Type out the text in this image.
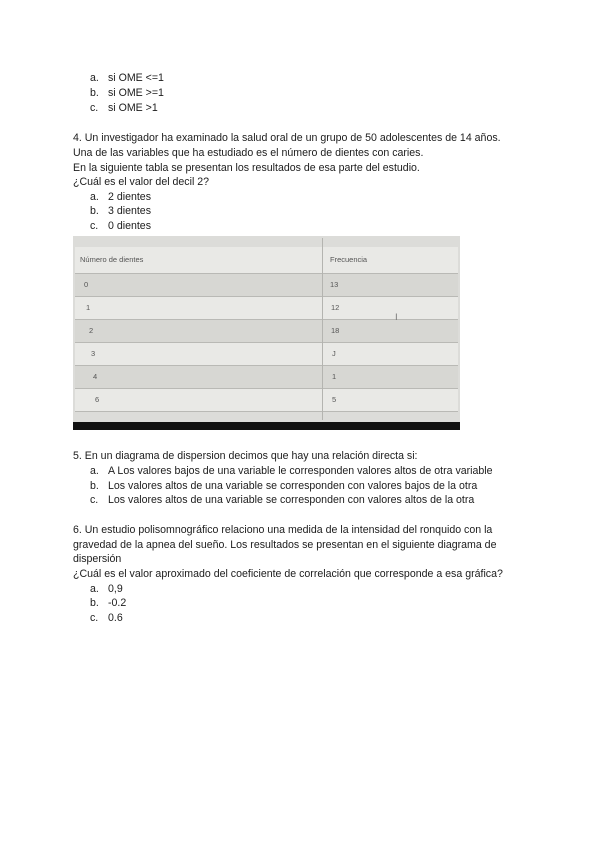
a. si OME <=1
b. si OME >=1
c. si OME >1
4. Un investigador ha examinado la salud oral de un grupo de 50 adolescentes de 14 años.
Una de las variables que ha estudiado es el número de dientes con caries.
En la siguiente tabla se presentan los resultados de esa parte del estudio.
¿Cuál es el valor del decil 2?
a. 2 dientes
b. 3 dientes
c. 0 dientes
Número de dientes	Frecuencia
0	13
1	12
2	18
3	J
4	1
6	5
Ⅰ
5. En un diagrama de dispersion decimos que hay una relación directa si:
a. A Los valores bajos de una variable le corresponden valores altos de otra variable
b. Los valores altos de una variable se corresponden con valores bajos de la otra
c. Los valores altos de una variable se corresponden con valores altos de la otra
6. Un estudio polisomnográfico relaciono una medida de la intensidad del ronquido con la
gravedad de la apnea del sueño. Los resultados se presentan en el siguiente diagrama de
dispersión
¿Cuál es el valor aproximado del coeficiente de correlación que corresponde a esa gráfica?
a. 0,9
b. -0.2
c. 0.6
